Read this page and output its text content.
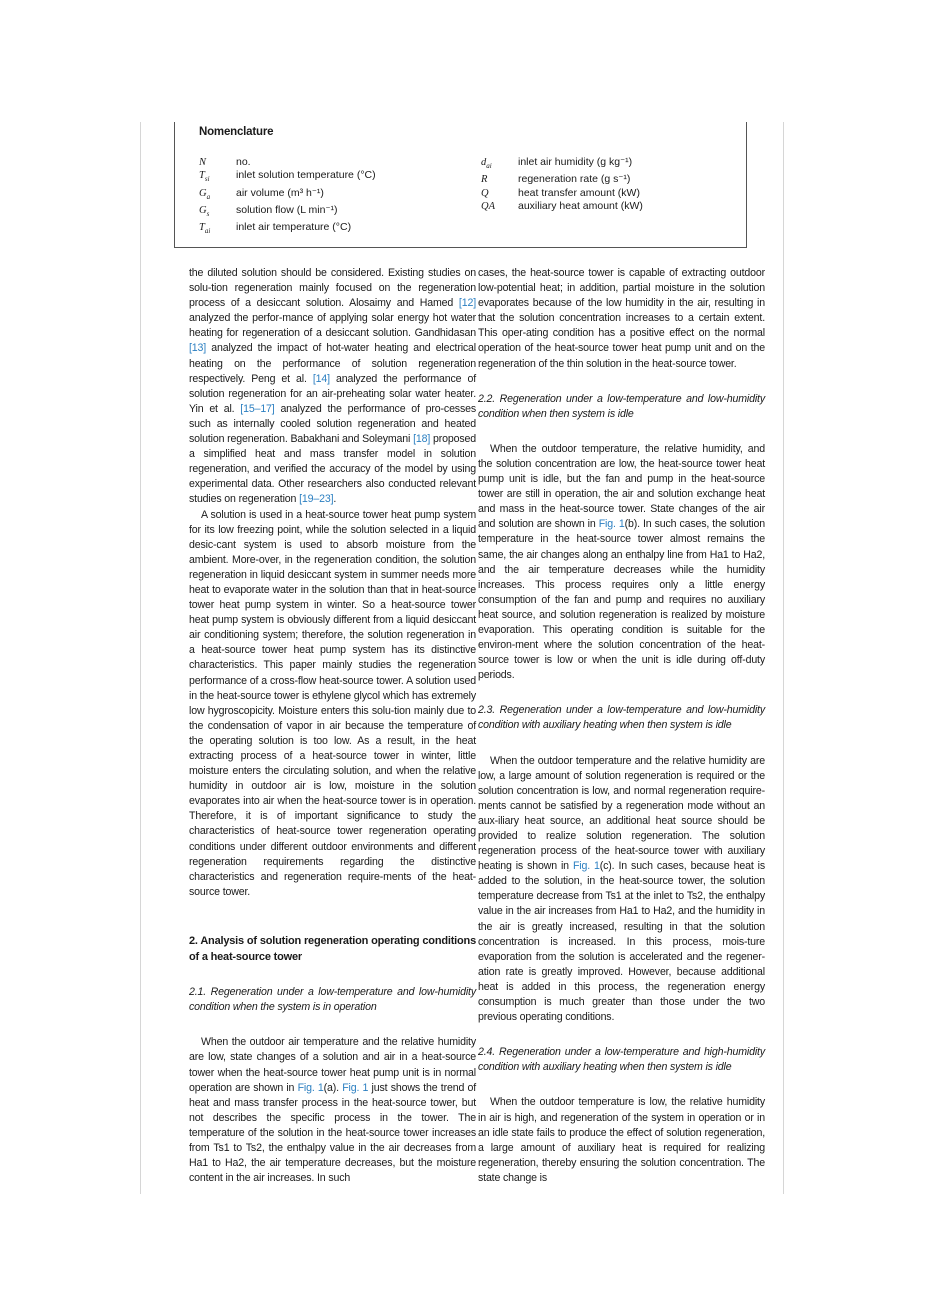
Nomenclature
N	no.
$T_{si}$	inlet solution temperature (°C)
$G_a$	air volume (m³ h⁻¹)
$G_s$	solution flow (L min⁻¹)
$T_{ai}$	inlet air temperature (°C)
$d_{ai}$	inlet air humidity (g kg⁻¹)
R	regeneration rate (g s⁻¹)
Q	heat transfer amount (kW)
QA	auxiliary heat amount (kW)

the diluted solution should be considered. Existing studies on solu-tion regeneration mainly focused on the regeneration process of a desiccant solution. Alosaimy and Hamed [12] analyzed the perfor-mance of applying solar energy hot water heating for regeneration of a desiccant solution. Gandhidasan [13] analyzed the impact of hot-water heating and electrical heating on the performance of solution regeneration respectively. Peng et al. [14] analyzed the performance of solution regeneration for an air-preheating solar water heater. Yin et al. [15–17] analyzed the performance of pro-cesses such as internally cooled solution regeneration and heated solution regeneration. Babakhani and Soleymani [18] proposed a simplified heat and mass transfer model in solution regeneration, and verified the accuracy of the model by using experimental data. Other researchers also conducted relevant studies on regeneration [19–23].

A solution is used in a heat-source tower heat pump system for its low freezing point, while the solution selected in a liquid desic-cant system is used to absorb moisture from the ambient. More-over, in the regeneration condition, the solution regeneration in liquid desiccant system in summer needs more heat to evaporate water in the solution than that in heat-source tower heat pump system in winter. So a heat-source tower heat pump system is obviously different from a liquid desiccant air conditioning system; therefore, the solution regeneration in a heat-source tower heat pump system has its distinctive characteristics. This paper mainly studies the regeneration performance of a cross-flow heat-source tower. A solution used in the heat-source tower is ethylene glycol which has extremely low hygroscopicity. Moisture enters this solu-tion mainly due to the condensation of vapor in air because the temperature of the operating solution is too low. As a result, in the heat extracting process of a heat-source tower in winter, little moisture enters the circulating solution, and when the relative humidity in outdoor air is low, moisture in the solution evaporates into air when the heat-source tower is in operation. Therefore, it is of important significance to study the characteristics of heat-source tower regeneration operating conditions under different outdoor environments and different regeneration requirements regarding the distinctive characteristics and regeneration require-ments of the heat-source tower.

2. Analysis of solution regeneration operating conditions of a heat-source tower

2.1. Regeneration under a low-temperature and low-humidity condition when the system is in operation

When the outdoor air temperature and the relative humidity are low, state changes of a solution and air in a heat-source tower when the heat-source tower heat pump unit is in normal operation are shown in Fig. 1(a). Fig. 1 just shows the trend of heat and mass transfer process in the heat-source tower, but not describes the specific process in the tower. The temperature of the solution in the heat-source tower increases from Ts1 to Ts2, the enthalpy value in the air decreases from Ha1 to Ha2, the air temperature decreases, but the moisture content in the air increases. In such

cases, the heat-source tower is capable of extracting outdoor low-potential heat; in addition, partial moisture in the solution evaporates because of the low humidity in the air, resulting in that the solution concentration increases to a certain extent. This oper-ating condition has a positive effect on the normal operation of the heat-source tower heat pump unit and on the regeneration of the thin solution in the heat-source tower.

2.2. Regeneration under a low-temperature and low-humidity condition when then system is idle

When the outdoor temperature, the relative humidity, and the solution concentration are low, the heat-source tower heat pump unit is idle, but the fan and pump in the heat-source tower are still in operation, the air and solution exchange heat and mass in the heat-source tower. State changes of the air and solution are shown in Fig. 1(b). In such cases, the solution temperature in the heat-source tower almost remains the same, the air changes along an enthalpy line from Ha1 to Ha2, and the air temperature decreases while the humidity increases. This process requires only a little energy consumption of the fan and pump and requires no auxiliary heat source, and solution regeneration is realized by moisture evaporation. This operating condition is suitable for the environ-ment where the solution concentration of the heat-source tower is low or when the unit is idle during off-duty periods.

2.3. Regeneration under a low-temperature and low-humidity condition with auxiliary heating when then system is idle

When the outdoor temperature and the relative humidity are low, a large amount of solution regeneration is required or the solution concentration is low, and normal regeneration require-ments cannot be satisfied by a regeneration mode without an aux-iliary heat source, an additional heat source should be provided to realize solution regeneration. The solution regeneration process of the heat-source tower with auxiliary heating is shown in Fig. 1(c). In such cases, because heat is added to the solution, in the heat-source tower, the solution temperature decrease from Ts1 at the inlet to Ts2, the enthalpy value in the air increases from Ha1 to Ha2, and the humidity in the air is greatly increased, resulting in that the solution concentration is increased. In this process, mois-ture evaporation from the solution is accelerated and the regener-ation rate is greatly improved. However, because additional heat is added in this process, the regeneration energy consumption is much greater than those under the two previous operating conditions.

2.4. Regeneration under a low-temperature and high-humidity condition with auxiliary heating when then system is idle

When the outdoor temperature is low, the relative humidity in air is high, and regeneration of the system in operation or in an idle state fails to produce the effect of solution regeneration, a large amount of auxiliary heat is required for realizing regeneration, thereby ensuring the solution concentration. The state change is
